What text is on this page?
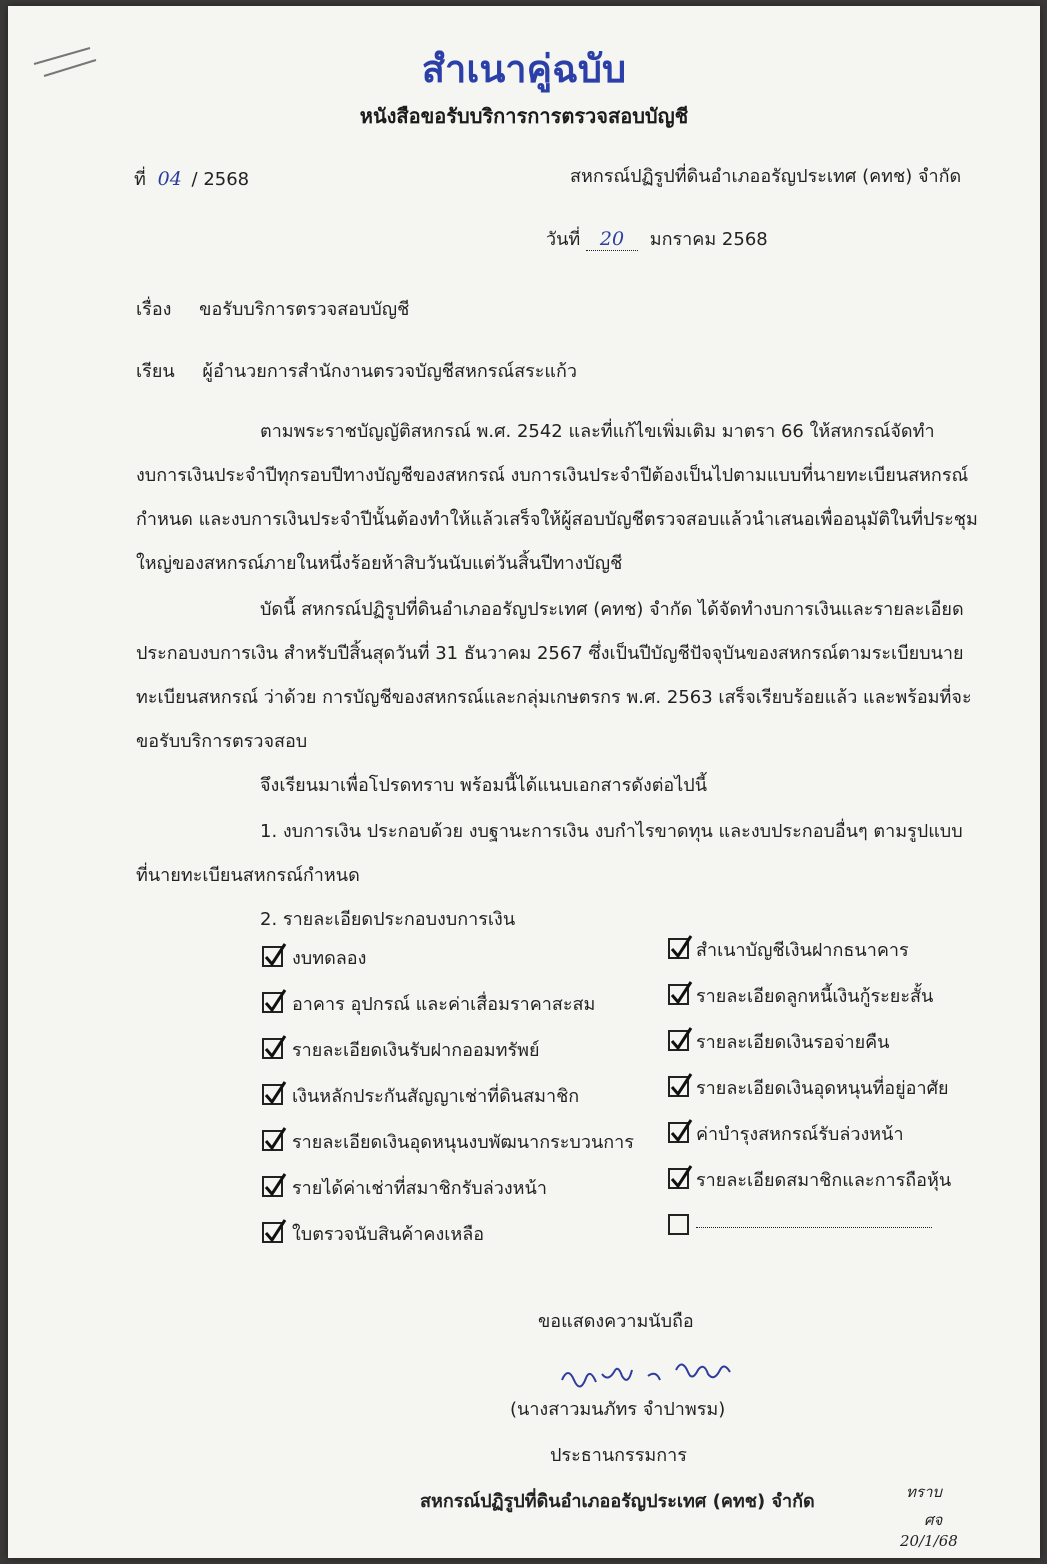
สำเนาคู่ฉบับ
หนังสือขอรับบริการการตรวจสอบบัญชี
ที่ 04 / 2568	สหกรณ์ปฏิรูปที่ดินอำเภออรัญประเทศ (คทช) จำกัด
วันที่ 20 มกราคม 2568
เรื่อง ขอรับบริการตรวจสอบบัญชี
เรียน ผู้อำนวยการสำนักงานตรวจบัญชีสหกรณ์สระแก้ว
ตามพระราชบัญญัติสหกรณ์ พ.ศ. 2542 และที่แก้ไขเพิ่มเติม มาตรา 66 ให้สหกรณ์จัดทำ
งบการเงินประจำปีทุกรอบปีทางบัญชีของสหกรณ์ งบการเงินประจำปีต้องเป็นไปตามแบบที่นายทะเบียนสหกรณ์
กำหนด และงบการเงินประจำปีนั้นต้องทำให้แล้วเสร็จให้ผู้สอบบัญชีตรวจสอบแล้วนำเสนอเพื่ออนุมัติในที่ประชุม
ใหญ่ของสหกรณ์ภายในหนึ่งร้อยห้าสิบวันนับแต่วันสิ้นปีทางบัญชี
บัดนี้ สหกรณ์ปฏิรูปที่ดินอำเภออรัญประเทศ (คทช) จำกัด ได้จัดทำงบการเงินและรายละเอียด
ประกอบงบการเงิน สำหรับปีสิ้นสุดวันที่ 31 ธันวาคม 2567 ซึ่งเป็นปีบัญชีปัจจุบันของสหกรณ์ตามระเบียบนาย
ทะเบียนสหกรณ์ ว่าด้วย การบัญชีของสหกรณ์และกลุ่มเกษตรกร พ.ศ. 2563 เสร็จเรียบร้อยแล้ว และพร้อมที่จะ
ขอรับบริการตรวจสอบ
จึงเรียนมาเพื่อโปรดทราบ พร้อมนี้ได้แนบเอกสารดังต่อไปนี้
1. งบการเงิน ประกอบด้วย งบฐานะการเงิน งบกำไรขาดทุน และงบประกอบอื่นๆ ตามรูปแบบ
ที่นายทะเบียนสหกรณ์กำหนด
2. รายละเอียดประกอบงบการเงิน
งบทดลอง
อาคาร อุปกรณ์ และค่าเสื่อมราคาสะสม
รายละเอียดเงินรับฝากออมทรัพย์
เงินหลักประกันสัญญาเช่าที่ดินสมาชิก
รายละเอียดเงินอุดหนุนงบพัฒนากระบวนการ
รายได้ค่าเช่าที่สมาชิกรับล่วงหน้า
ใบตรวจนับสินค้าคงเหลือ
สำเนาบัญชีเงินฝากธนาคาร
รายละเอียดลูกหนี้เงินกู้ระยะสั้น
รายละเอียดเงินรอจ่ายคืน
รายละเอียดเงินอุดหนุนที่อยู่อาศัย
ค่าบำรุงสหกรณ์รับล่วงหน้า
รายละเอียดสมาชิกและการถือหุ้น
ขอแสดงความนับถือ
(นางสาวมนภัทร จำปาพรม)
ประธานกรรมการ
สหกรณ์ปฏิรูปที่ดินอำเภออรัญประเทศ (คทช) จำกัด	ทราบ
ศจ
20/1/68
